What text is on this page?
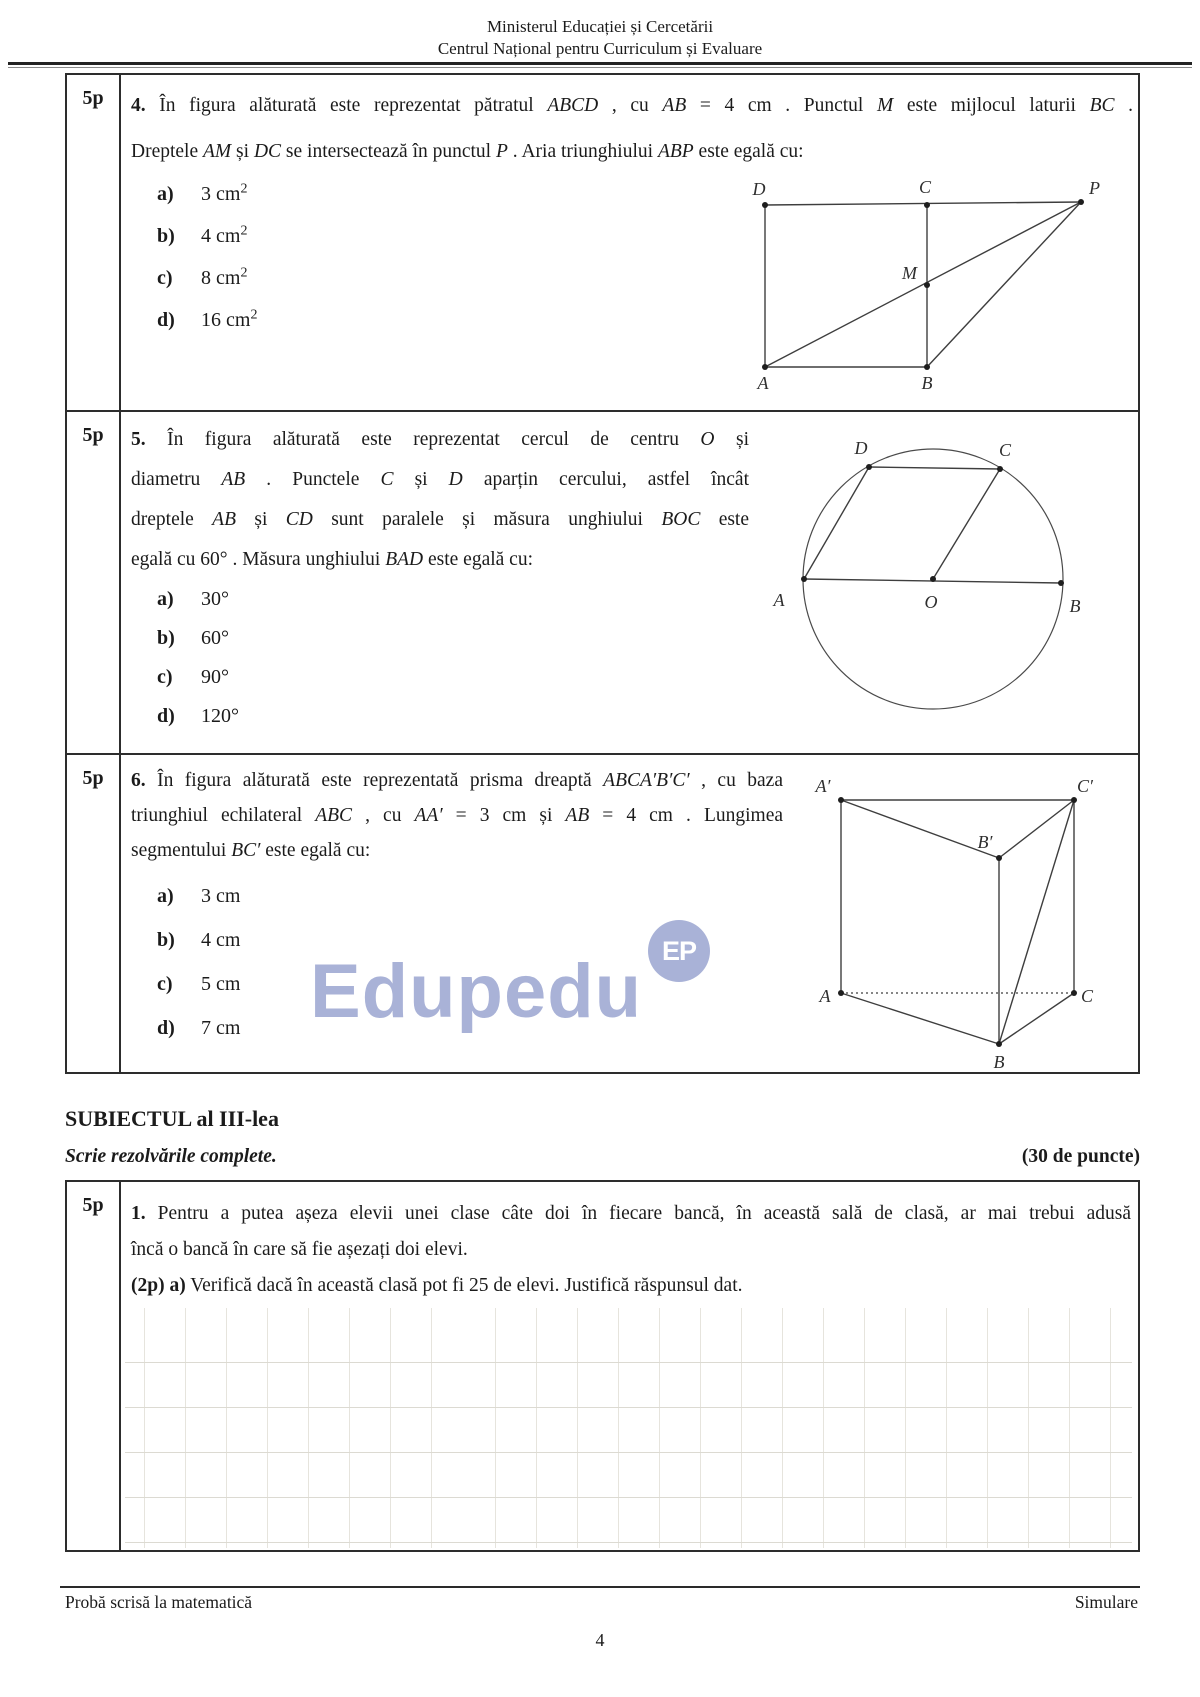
Ministerul Educației și Cercetării
Centrul Național pentru Curriculum și Evaluare
5p	4. În figura alăturată este reprezentat pătratul ABCD , cu AB = 4 cm . Punctul M este mijlocul laturii BC .
Dreptele AM și DC se intersectează în punctul P . Aria triunghiului ABP este egală cu:
a) 3 $cm^2$
b) 4 $cm^2$
c) 8 $cm^2$
d) 16 $cm^2$
D	C	P
M
A	B
5p	5. În figura alăturată este reprezentat cercul de centru O și
diametru AB . Punctele C și D aparțin cercului, astfel încât
dreptele AB și CD sunt paralele și măsura unghiului BOC este
egală cu 60° . Măsura unghiului BAD este egală cu:
a) 30°
b) 60°
c) 90°
d) 120°
D	C
A	O	B
5p	6. În figura alăturată este reprezentată prisma dreaptă ABCA′B′C′ , cu baza
triunghiul echilateral ABC , cu AA′ = 3 cm și AB = 4 cm . Lungimea
segmentului BC′ este egală cu:
a) 3 cm
b) 4 cm
c) 5 cm
d) 7 cm
A′	C′
B′
A	C
B
Edupedu EP
SUBIECTUL al III-lea
Scrie rezolvările complete.	(30 de puncte)
5p	1. Pentru a putea așeza elevii unei clase câte doi în fiecare bancă, în această sală de clasă, ar mai trebui adusă
încă o bancă în care să fie așezați doi elevi.
(2p) a) Verifică dacă în această clasă pot fi 25 de elevi. Justifică răspunsul dat.
Probă scrisă la matematică	Simulare
4
